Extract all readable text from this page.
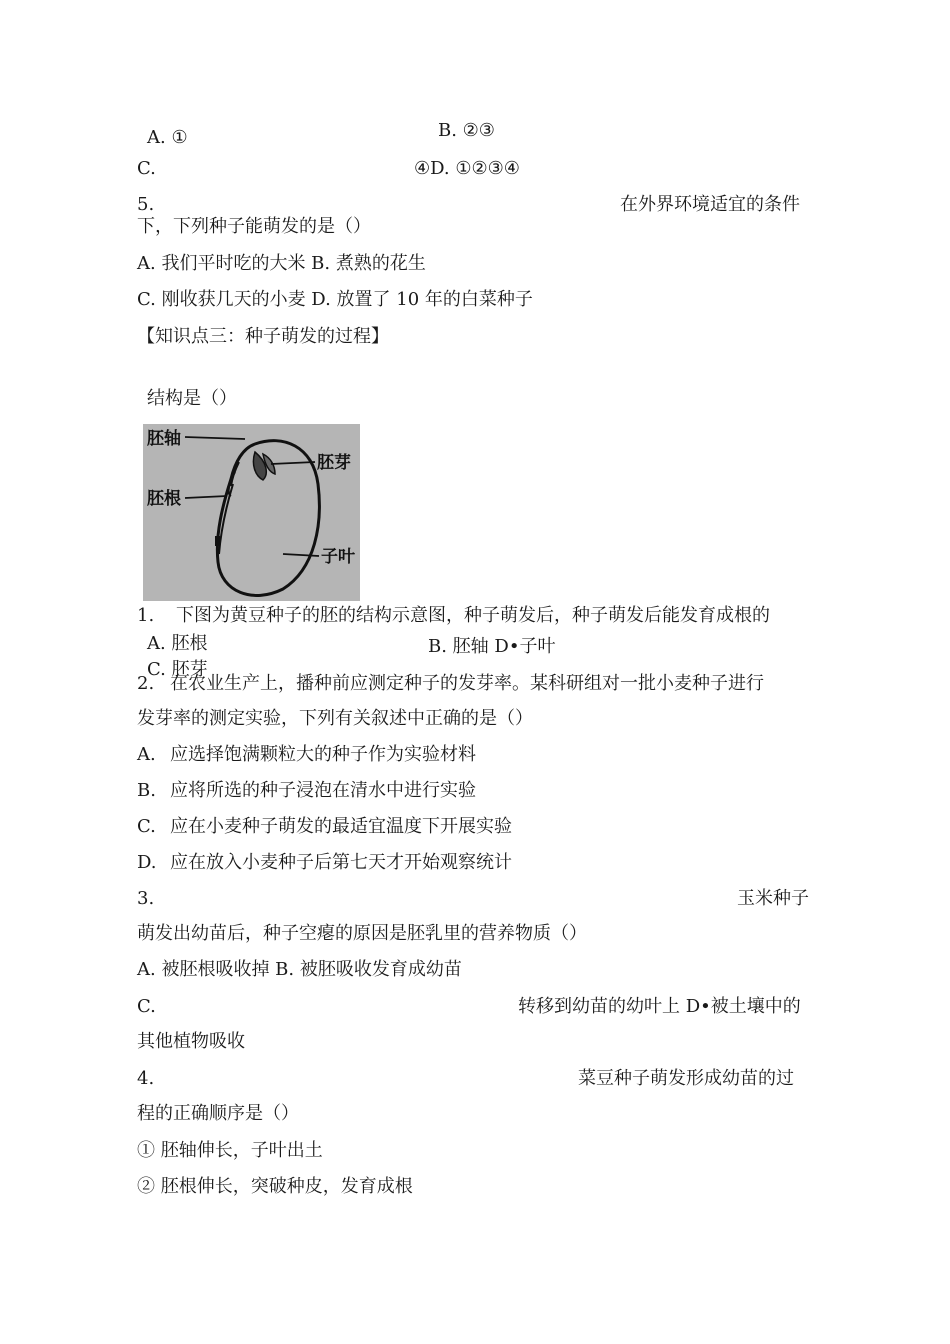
A. ①	B. ②③
C.	④D. ①②③④
5.	在外界环境适宜的条件
下，下列种子能萌发的是（）
A. 我们平时吃的大米 B. 煮熟的花生
C. 刚收获几天的小麦 D. 放置了 10 年的白菜种子
【知识点三：种子萌发的过程】
结构是（）
胚轴
胚根
胚芽
子叶
1. 下图为黄豆种子的胚的结构示意图，种子萌发后，种子萌发后能发育成根的
A. 胚根	B. 胚轴 D•子叶
C. 胚芽
2. 在农业生产上，播种前应测定种子的发芽率。某科研组对一批小麦种子进行
发芽率的测定实验，下列有关叙述中正确的是（）
A. 应选择饱满颗粒大的种子作为实验材料
B. 应将所选的种子浸泡在清水中进行实验
C. 应在小麦种子萌发的最适宜温度下开展实验
D. 应在放入小麦种子后第七天才开始观察统计
3.	玉米种子
萌发出幼苗后，种子空瘪的原因是胚乳里的营养物质（）
A. 被胚根吸收掉 B. 被胚吸收发育成幼苗
C.	转移到幼苗的幼叶上 D•被土壤中的
其他植物吸收
4.	菜豆种子萌发形成幼苗的过
程的正确顺序是（）
① 胚轴伸长，子叶出土
② 胚根伸长，突破种皮，发育成根
